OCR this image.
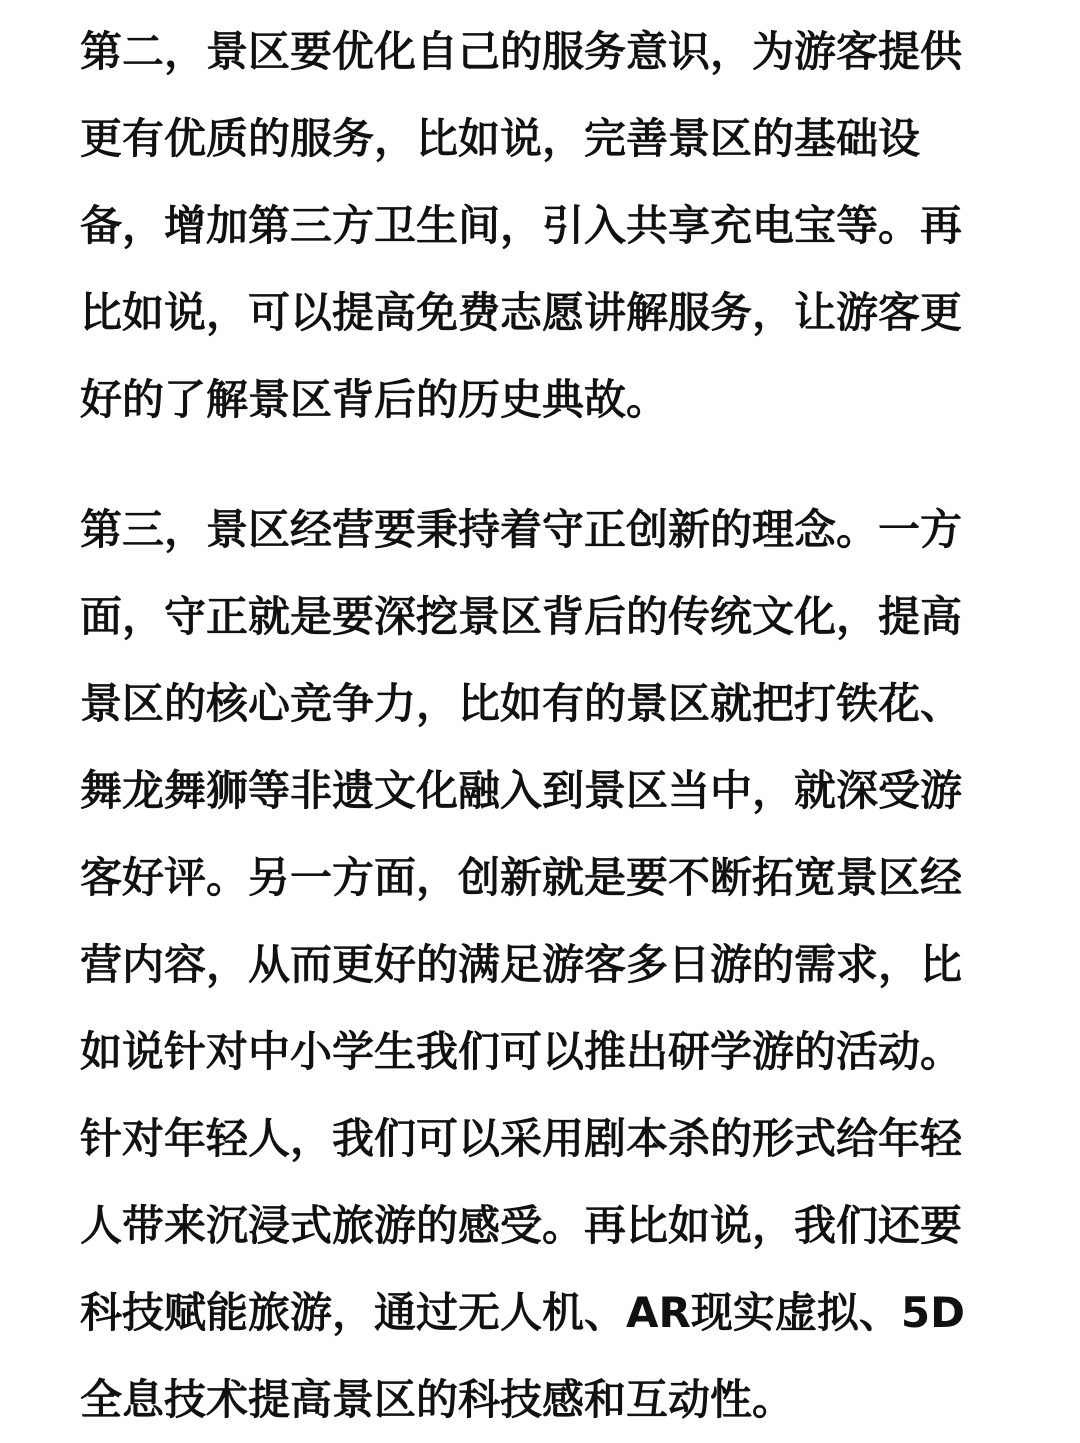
第二，景区要优化自己的服务意识，为游客提供
更有优质的服务，比如说，完善景区的基础设
备，增加第三方卫生间，引入共享充电宝等。再
比如说，可以提高免费志愿讲解服务，让游客更
好的了解景区背后的历史典故。
第三，景区经营要秉持着守正创新的理念。一方
面，守正就是要深挖景区背后的传统文化，提高
景区的核心竞争力，比如有的景区就把打铁花、
舞龙舞狮等非遗文化融入到景区当中，就深受游
客好评。另一方面，创新就是要不断拓宽景区经
营内容，从而更好的满足游客多日游的需求，比
如说针对中小学生我们可以推出研学游的活动。
针对年轻人，我们可以采用剧本杀的形式给年轻
人带来沉浸式旅游的感受。再比如说，我们还要
科技赋能旅游，通过无人机、AR现实虚拟、5D
全息技术提高景区的科技感和互动性。
